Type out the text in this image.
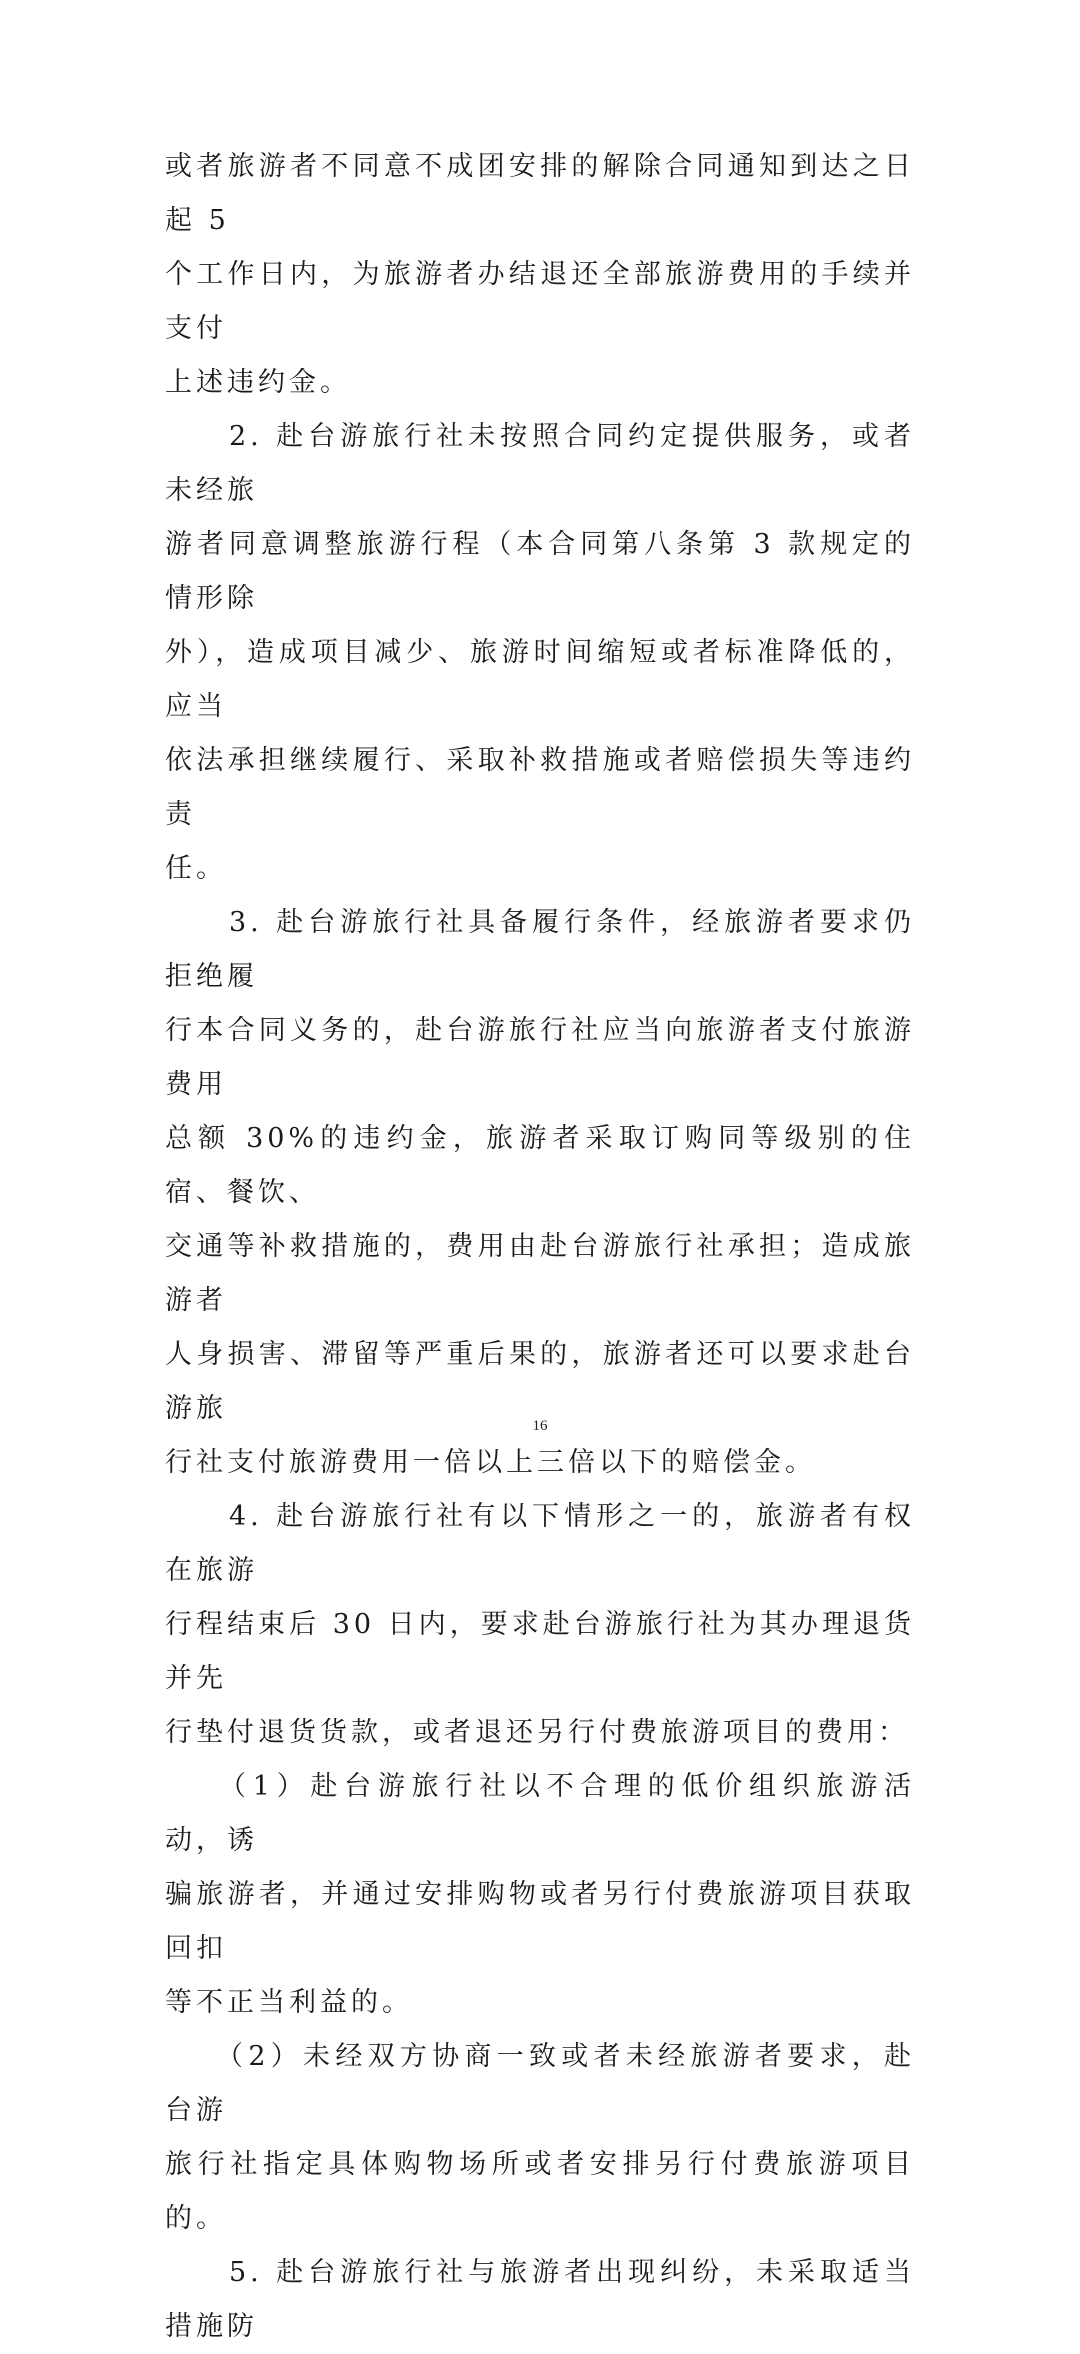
或者旅游者不同意不成团安排的解除合同通知到达之日起 5

个工作日内，为旅游者办结退还全部旅游费用的手续并支付

上述违约金。

　　2. 赴台游旅行社未按照合同约定提供服务，或者未经旅

游者同意调整旅游行程（本合同第八条第 3 款规定的情形除

外），造成项目减少、旅游时间缩短或者标准降低的，应当

依法承担继续履行、采取补救措施或者赔偿损失等违约责

任。

　　3. 赴台游旅行社具备履行条件，经旅游者要求仍拒绝履

行本合同义务的，赴台游旅行社应当向旅游者支付旅游费用

总额 30%的违约金，旅游者采取订购同等级别的住宿、餐饮、

交通等补救措施的，费用由赴台游旅行社承担；造成旅游者

人身损害、滞留等严重后果的，旅游者还可以要求赴台游旅

行社支付旅游费用一倍以上三倍以下的赔偿金。

　　4. 赴台游旅行社有以下情形之一的，旅游者有权在旅游

行程结束后 30 日内，要求赴台游旅行社为其办理退货并先

行垫付退货货款，或者退还另行付费旅游项目的费用：

　　（1）赴台游旅行社以不合理的低价组织旅游活动，诱

骗旅游者，并通过安排购物或者另行付费旅游项目获取回扣

等不正当利益的。

　　（2）未经双方协商一致或者未经旅游者要求，赴台游

旅行社指定具体购物场所或者安排另行付费旅游项目的。

　　5. 赴台游旅行社与旅游者出现纠纷，未采取适当措施防

16
